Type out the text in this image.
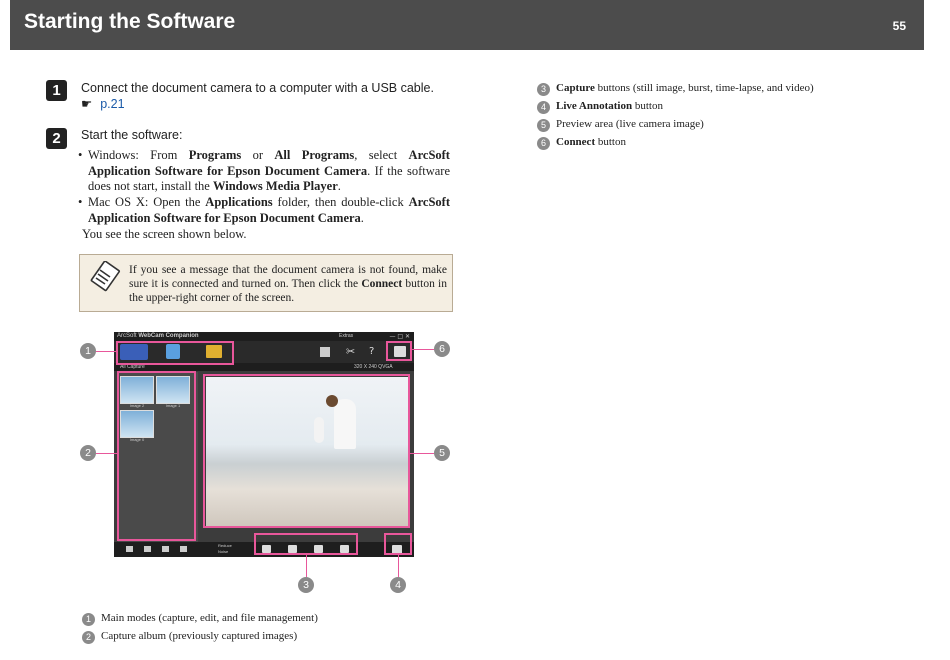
Starting the Software	55
1	Connect the document camera to a computer with a USB cable.
☛ p.21
2	Start the software:
• Windows: From Programs or All Programs, select ArcSoft Application Software for Epson Document Camera. If the software does not start, install the Windows Media Player.
• Mac OS X: Open the Applications folder, then double-click ArcSoft Application Software for Epson Document Camera.
You see the screen shown below.
If you see a message that the document camera is not found, make sure it is connected and turned on. Then click the Connect button in the upper-right corner of the screen.
ArcSoft WebCam Companion	Extras	— □ ✕
✂ ?
All Capture	320 X 240 QVGA
Image 2	Image 1
Image 0
Reduce Noise
1
2
3	4
5
6
1 Main modes (capture, edit, and file management)
2 Capture album (previously captured images)
3 Capture buttons (still image, burst, time-lapse, and video)
4 Live Annotation button
5 Preview area (live camera image)
6 Connect button
